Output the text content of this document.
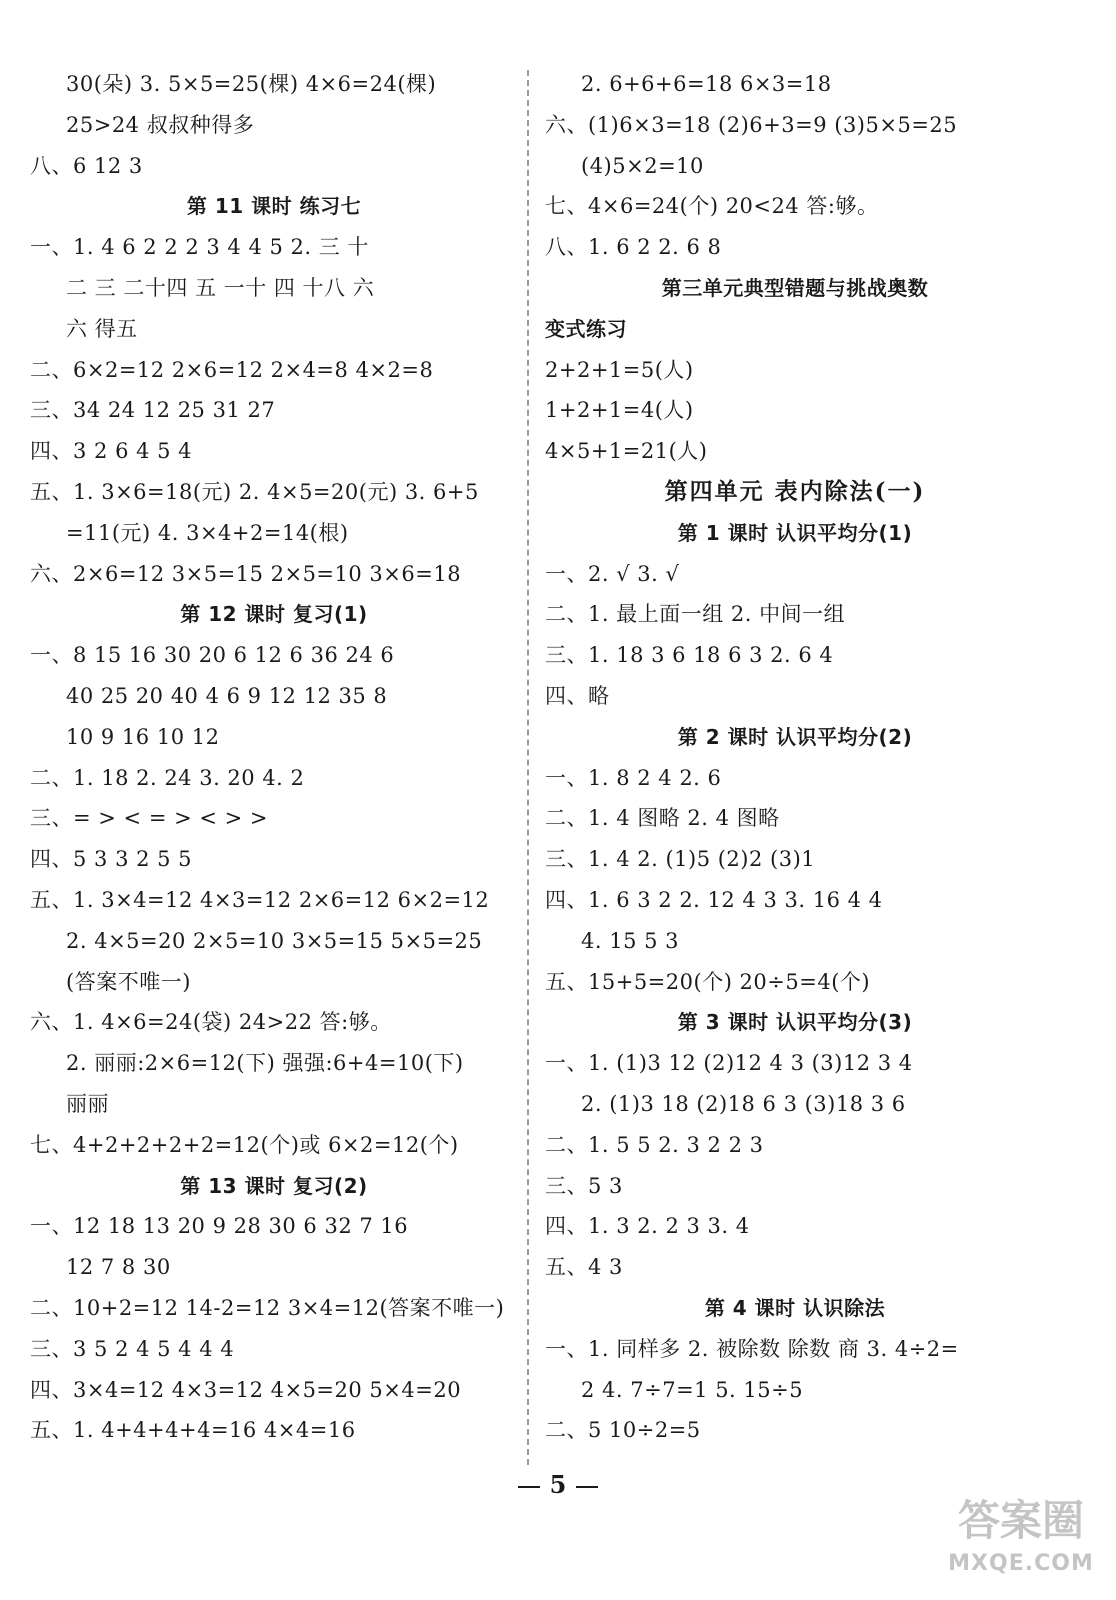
30(朵) 3. 5×5=25(棵) 4×6=24(棵)
25>24 叔叔种得多
八、6 12 3
第 11 课时 练习七
一、1. 4 6 2 2 2 3 4 4 5 2. 三 十
二 三 二十四 五 一十 四 十八 六
六 得五
二、6×2=12 2×6=12 2×4=8 4×2=8
三、34 24 12 25 31 27
四、3 2 6 4 5 4
五、1. 3×6=18(元) 2. 4×5=20(元) 3. 6+5
=11(元) 4. 3×4+2=14(根)
六、2×6=12 3×5=15 2×5=10 3×6=18
第 12 课时 复习(1)
一、8 15 16 30 20 6 12 6 36 24 6
40 25 20 40 4 6 9 12 12 35 8
10 9 16 10 12
二、1. 18 2. 24 3. 20 4. 2
三、= > < = > < > >
四、5 3 3 2 5 5
五、1. 3×4=12 4×3=12 2×6=12 6×2=12
2. 4×5=20 2×5=10 3×5=15 5×5=25
(答案不唯一)
六、1. 4×6=24(袋) 24>22 答:够。
2. 丽丽:2×6=12(下) 强强:6+4=10(下)
丽丽
七、4+2+2+2+2=12(个)或 6×2=12(个)
第 13 课时 复习(2)
一、12 18 13 20 9 28 30 6 32 7 16
12 7 8 30
二、10+2=12 14-2=12 3×4=12(答案不唯一)
三、3 5 2 4 5 4 4 4
四、3×4=12 4×3=12 4×5=20 5×4=20
五、1. 4+4+4+4=16 4×4=16
2. 6+6+6=18 6×3=18
六、(1)6×3=18 (2)6+3=9 (3)5×5=25
(4)5×2=10
七、4×6=24(个) 20<24 答:够。
八、1. 6 2 2. 6 8
第三单元典型错题与挑战奥数
变式练习
2+2+1=5(人)
1+2+1=4(人)
4×5+1=21(人)
第四单元 表内除法(一)
第 1 课时 认识平均分(1)
一、2. √ 3. √
二、1. 最上面一组 2. 中间一组
三、1. 18 3 6 18 6 3 2. 6 4
四、略
第 2 课时 认识平均分(2)
一、1. 8 2 4 2. 6
二、1. 4 图略 2. 4 图略
三、1. 4 2. (1)5 (2)2 (3)1
四、1. 6 3 2 2. 12 4 3 3. 16 4 4
4. 15 5 3
五、15+5=20(个) 20÷5=4(个)
第 3 课时 认识平均分(3)
一、1. (1)3 12 (2)12 4 3 (3)12 3 4
2. (1)3 18 (2)18 6 3 (3)18 3 6
二、1. 5 5 2. 3 2 2 3
三、5 3
四、1. 3 2. 2 3 3. 4
五、4 3
第 4 课时 认识除法
一、1. 同样多 2. 被除数 除数 商 3. 4÷2=
2 4. 7÷7=1 5. 15÷5
二、5 10÷2=5
5
答案圈
MXQE.COM
